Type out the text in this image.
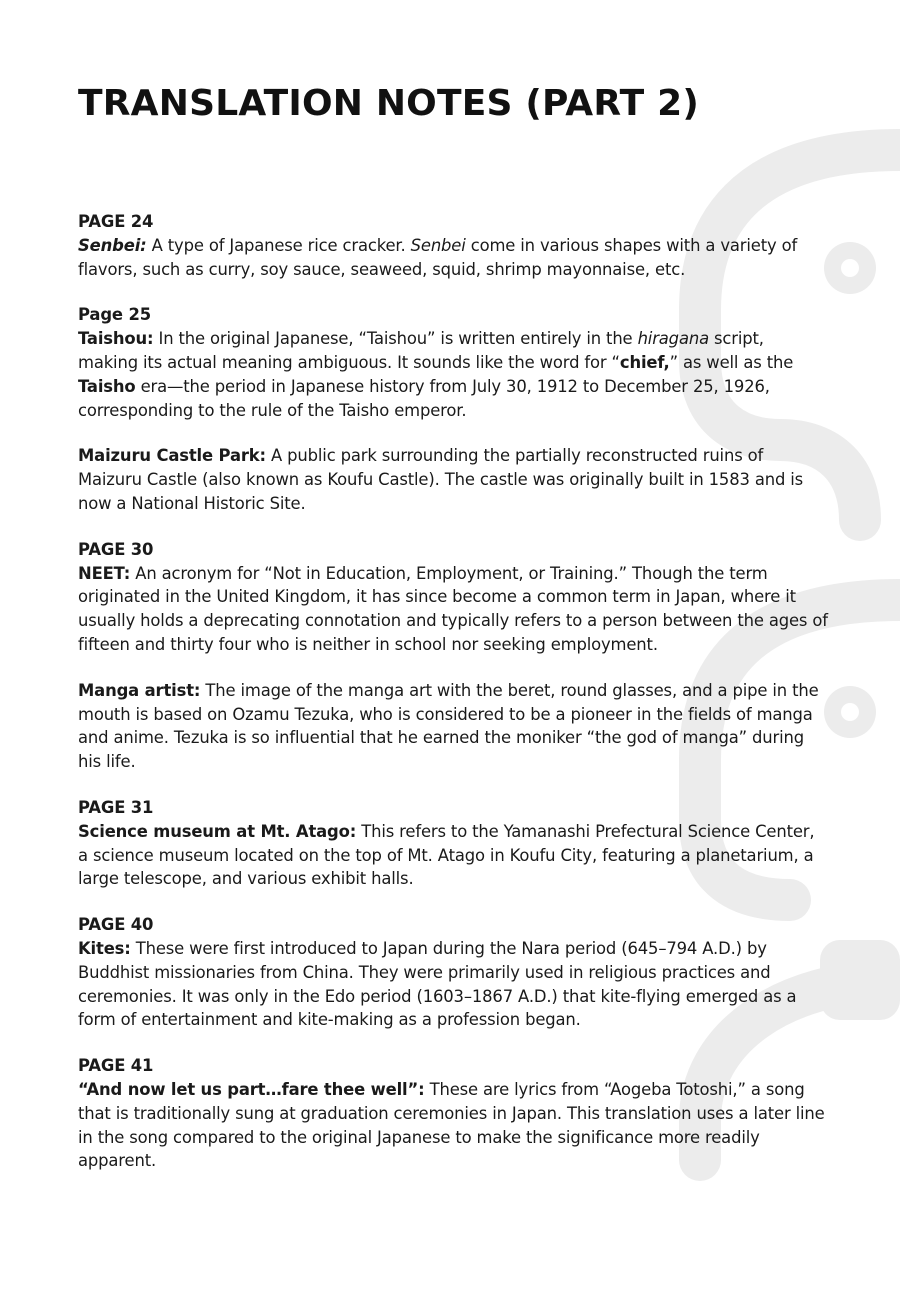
TRANSLATION NOTES (PART 2)
PAGE 24

Senbei: A type of Japanese rice cracker. Senbei come in various shapes with a variety of flavors, such as curry, soy sauce, seaweed, squid, shrimp mayonnaise, etc.

Page 25

Taishou: In the original Japanese, “Taishou” is written entirely in the hiragana script, making its actual meaning ambiguous. It sounds like the word for “chief,” as well as the Taisho era—the period in Japanese history from July 30, 1912 to December 25, 1926, corresponding to the rule of the Taisho emperor.

Maizuru Castle Park: A public park surrounding the partially reconstructed ruins of Maizuru Castle (also known as Koufu Castle). The castle was originally built in 1583 and is now a National Historic Site.

PAGE 30

NEET: An acronym for “Not in Education, Employment, or Training.” Though the term originated in the United Kingdom, it has since become a common term in Japan, where it usually holds a deprecating connotation and typically refers to a person between the ages of fifteen and thirty four who is neither in school nor seeking employment.

Manga artist: The image of the manga art with the beret, round glasses, and a pipe in the mouth is based on Ozamu Tezuka, who is considered to be a pioneer in the fields of manga and anime. Tezuka is so influential that he earned the moniker “the god of manga” during his life.

PAGE 31

Science museum at Mt. Atago: This refers to the Yamanashi Prefectural Science Center, a science museum located on the top of Mt. Atago in Koufu City, featuring a planetarium, a large telescope, and various exhibit halls.

PAGE 40

Kites: These were first introduced to Japan during the Nara period (645–794 A.D.) by Buddhist missionaries from China. They were primarily used in religious practices and ceremonies. It was only in the Edo period (1603–1867 A.D.) that kite-flying emerged as a form of entertainment and kite-making as a profession began.

PAGE 41

“And now let us part…fare thee well”: These are lyrics from “Aogeba Totoshi,” a song that is traditionally sung at graduation ceremonies in Japan. This translation uses a later line in the song compared to the original Japanese to make the significance more readily apparent.
